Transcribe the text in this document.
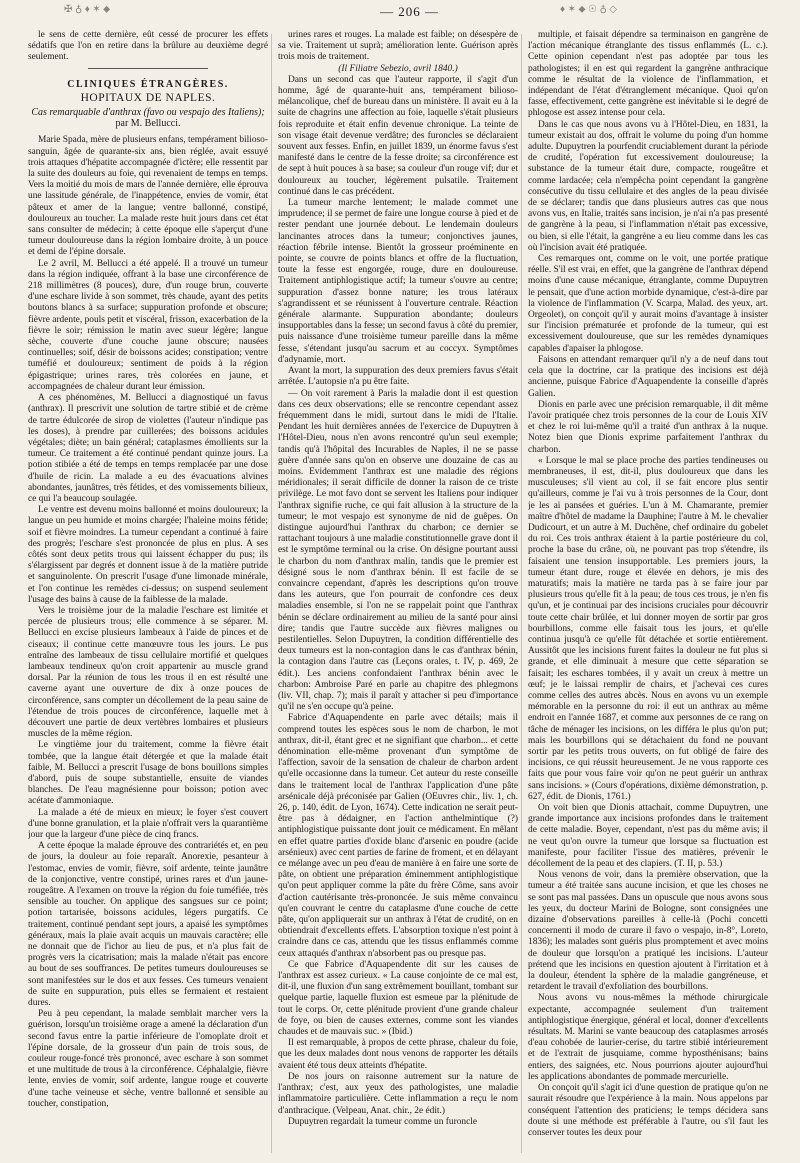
✠ ♁ ♦ ✶ ⬥	— 206 —	♦ ✶ ⬥ ☉ ♁ ◇

le sens de cette dernière, eût cessé de procurer les effets sédatifs que l'on en retire dans la brûlure au deuxième degré seulement.

CLINIQUES ÉTRANGÈRES.
HOPITAUX DE NAPLES.
Cas remarquable d'anthrax (favo ou vespajo des Italiens);
par M. Bellucci.

Marie Spada, mère de plusieurs enfans, tempérament bilioso-sanguin, âgée de quarante-six ans, bien réglée, avait essuyé trois attaques d'hépatite accompagnée d'ictère; elle ressentit par la suite des douleurs au foie, qui revenaient de temps en temps. Vers la moitié du mois de mars de l'année dernière, elle éprouva une lassitude générale, de l'inappétence, envies de vomir, état pâteux et amer de la langue; ventre ballonné, constipé, douloureux au toucher. La malade reste huit jours dans cet état sans consulter de médecin; à cette époque elle s'aperçut d'une tumeur douloureuse dans la région lombaire droite, à un pouce et demi de l'épine dorsale.

Le 2 avril, M. Bellucci a été appelé. Il a trouvé un tumeur dans la région indiquée, offrant à la base une circonférence de 218 millimètres (8 pouces), dure, d'un rouge brun, couverte d'une eschare livide à son sommet, très chaude, ayant des petits boutons blancs à sa surface; suppuration profonde et obscure; fièvre ardente, pouls petit et viscéral, frisson, exacerbation de la fièvre le soir; rémission le matin avec sueur légère; langue sèche, couverte d'une couche jaune obscure; nausées continuelles; soif, désir de boissons acides; constipation; ventre tuméfié et douloureux; sentiment de poids à la région épigastrique; urines rares, très colorées en jaune, et accompagnées de chaleur durant leur émission.

A ces phénomènes, M. Bellucci a diagnostiqué un favus (anthrax). Il prescrivit une solution de tartre stibié et de crème de tartre édulcorée de sirop de violettes (l'auteur n'indique pas les doses), à prendre par cuillerées; des boissons acidules végétales; diète; un bain général; cataplasmes émollients sur la tumeur. Ce traitement a été continué pendant quinze jours. La potion stibiée a été de temps en temps remplacée par une dose d'huile de ricin. La malade a eu des évacuations alvines abondantes, jaunâtres, très fétides, et des vomissements bilieux, ce qui l'a beaucoup soulagée.

Le ventre est devenu moins ballonné et moins douloureux; la langue un peu humide et moins chargée; l'haleine moins fétide; soif et fièvre moindres. La tumeur cependant a continué à faire des progrès; l'eschare s'est prononcée de plus en plus. A ses côtés sont deux petits trous qui laissent échapper du pus; ils s'élargissent par degrés et donnent issue à de la matière putride et sanguinolente. On prescrit l'usage d'une limonade minérale, et l'on continue les remèdes ci-dessus; on suspend seulement l'usage des bains à cause de la faiblesse de la malade.

Vers le troisième jour de la maladie l'eschare est limitée et percée de plusieurs trous; elle commence à se séparer. M. Bellucci en excise plusieurs lambeaux à l'aide de pinces et de ciseaux; il continue cette manœuvre tous les jours. Le pus entraîne des lambeaux de tissu cellulaire mortifié et quelques lambeaux tendineux qu'on croit appartenir au muscle grand dorsal. Par la réunion de tous les trous il en est résulté une caverne ayant une ouverture de dix à onze pouces de circonférence, sans compter un décollement de la peau saine de l'étendue de trois pouces de circonférence, laquelle met à découvert une partie de deux vertèbres lombaires et plusieurs muscles de la même région.

Le vingtième jour du traitement, comme la fièvre était tombée, que la langue était détergée et que la malade était faible, M. Bellucci a prescrit l'usage de bons bouillons simples d'abord, puis de soupe substantielle, ensuite de viandes blanches. De l'eau magnésienne pour boisson; potion avec acétate d'ammoniaque.

La malade a été de mieux en mieux; le foyer s'est couvert d'une bonne granulation, et la plaie n'offrait vers la quarantième jour que la largeur d'une pièce de cinq francs.

A cette époque la malade éprouve des contrariétés et, en peu de jours, la douleur au foie reparaît. Anorexie, pesanteur à l'estomac, envies de vomir, fièvre, soif ardente, teinte jaunâtre de la conjonctive, ventre constipé, urines rares et d'un jaune-rougeâtre. A l'examen on trouve la région du foie tuméfiée, très sensible au toucher. On applique des sangsues sur ce point; potion tartarisée, boissons acidules, légers purgatifs. Ce traitement, continué pendant sept jours, a apaisé les symptômes généraux, mais la plaie avait acquis un mauvais caractère; elle ne donnait que de l'ichor au lieu de pus, et n'a plus fait de progrès vers la cicatrisation; mais la malade n'était pas encore au bout de ses souffrances. De petites tumeurs douloureuses se sont manifestées sur le dos et aux fesses. Ces tumeurs venaient de suite en suppuration, puis elles se fermaient et restaient dures.

Peu à peu cependant, la malade semblait marcher vers la guérison, lorsqu'un troisième orage a amené la déclaration d'un second favus entre la partie inférieure de l'omoplate droit et l'épine dorsale, de la grosseur d'un pain de trois sous, de couleur rouge-foncé très prononcé, avec eschare à son sommet et une multitude de trous à la circonférence. Céphalalgie, fièvre lente, envies de vomir, soif ardente, langue rouge et couverte d'une tache veineuse et sèche, ventre ballonné et sensible au toucher, constipation,

urines rares et rouges. La malade est faible; on désespère de sa vie. Traitement ut suprà; amélioration lente. Guérison après trois mois de traitement.

(Il Filiatre Sebezio, avril 1840.)

Dans un second cas que l'auteur rapporte, il s'agit d'un homme, âgé de quarante-huit ans, tempérament bilioso-mélancolique, chef de bureau dans un ministère. Il avait eu à la suite de chagrins une affection au foie, laquelle s'était plusieurs fois reproduite et était enfin devenue chronique. La teinte de son visage était devenue verdâtre; des furoncles se déclaraient souvent aux fesses. Enfin, en juillet 1839, un énorme favus s'est manifesté dans le centre de la fesse droite; sa circonférence est de sept à huit pouces à sa base; sa couleur d'un rouge vif; dur et douloureux au toucher, légèrement pulsatile. Traitement continué dans le cas précédent.

La tumeur marche lentement; le malade commet une imprudence; il se permet de faire une longue course à pied et de rester pendant une journée debout. Le lendemain douleurs lancinantes atroces dans la tumeur; conjonctives jaunes, réaction fébrile intense. Bientôt la grosseur proéminente en pointe, se couvre de points blancs et offre de la fluctuation, toute la fesse est engorgée, rouge, dure en douloureuse. Traitement antiphlogistique actif; la tumeur s'ouvre au centre; suppuration d'assez bonne nature; les trous latéraux s'agrandissent et se réunissent à l'ouverture centrale. Réaction générale alarmante. Suppuration abondante; douleurs insupportables dans la fesse; un second favus à côté du premier, puis naissance d'une troisième tumeur pareille dans la même fesse, s'étendant jusqu'au sacrum et au coccyx. Symptômes d'adynamie, mort.

Avant la mort, la suppuration des deux premiers favus s'était arrêtée. L'autopsie n'a pu être faite.

— On voit rarement à Paris la maladie dont il est question dans ces deux observations; elle se rencontre cependant assez fréquemment dans le midi, surtout dans le midi de l'Italie. Pendant les huit dernières années de l'exercice de Dupuytren à l'Hôtel-Dieu, nous n'en avons rencontré qu'un seul exemple; tandis qu'à l'hôpital des Incurables de Naples, il ne se passe guère d'année sans qu'on en observe une douzaine de cas au moins. Evidemment l'anthrax est une maladie des régions méridionales; il serait difficile de donner la raison de ce triste privilège. Le mot favo dont se servent les Italiens pour indiquer l'anthrax signifie ruche, ce qui fait allusion à la structure de la tumeur; le mot vespajo est synonyme de nid de guêpes. On distingue aujourd'hui l'anthrax du charbon; ce dernier se rattachant toujours à une maladie constitutionnelle grave dont il est le symptôme terminal ou la crise. On désigne pourtant aussi le charbon du nom d'anthrax malin, tandis que le premier est désigné sous le nom d'anthrax bénin. Il est facile de se convaincre cependant, d'après les descriptions qu'on trouve dans les auteurs, que l'on pourrait de confondre ces deux maladies ensemble, si l'on ne se rappelait point que l'anthrax bénin se déclare ordinairement au milieu de la santé pour ainsi dire; tandis que l'autre succède aux fièvres malignes ou pestilentielles. Selon Dupuytren, la condition différentielle des deux tumeurs est la non-contagion dans le cas d'anthrax bénin, la contagion dans l'autre cas (Leçons orales, t. IV, p. 469, 2e édit.). Les anciens confondaient l'anthrax bénin avec le charbon: Ambroise Paré en parle au chapitre des phlegmons (liv. VII, chap. 7); mais il paraît y attacher si peu d'importance qu'il ne s'en occupe qu'à peine.

Fabrice d'Aquapendente en parle avec détails; mais il comprend toutes les espèces sous le nom de charbon, le mot anthrax, dit-il, étant grec et ne signifiant que charbon... et cette dénomination elle-même provenant d'un symptôme de l'affection, savoir de la sensation de chaleur de charbon ardent qu'elle occasionne dans la tumeur. Cet auteur du reste conseille dans le traitement local de l'anthrax l'application d'une pâte arsénicale déjà préconisée par Galien (OEuvres chir., liv. 1, ch. 26, p. 140, édit. de Lyon, 1674). Cette indication ne serait peut-être pas à dédaigner, en l'action anthelmintique (?) antiphlogistique puissante dont jouit ce médicament. En mêlant en effet quatre parties d'oxide blanc d'arsenic en poudre (acide arsénieux) avec cent parties de farine de froment, et en délayant ce mélange avec un peu d'eau de manière à en faire une sorte de pâte, on obtient une préparation éminemment antiphlogistique qu'on peut appliquer comme la pâte du frère Côme, sans avoir d'action cautérisante très-prononcée. Je suis même convaincu qu'en couvrant le centre du cataplasme d'une couche de cette pâte, qu'on appliquerait sur un anthrax à l'état de crudité, on en obtiendrait d'excellents effets. L'absorption toxique n'est point à craindre dans ce cas, attendu que les tissus enflammés comme ceux attaqués d'anthrax n'absorbent pas ou presque pas.

Ce que Fabrice d'Aquapendente dit sur les causes de l'anthrax est assez curieux. « La cause conjointe de ce mal est, dit-il, une fluxion d'un sang extrêmement bouillant, tombant sur quelque partie, laquelle fluxion est esmeue par la plénitude de tout le corps. Or, cette plénitude provient d'une grande chaleur de foye, ou bien de causes externes, comme sont les viandes chaudes et de mauvais suc. » (Ibid.)

Il est remarquable, à propos de cette phrase, chaleur du foie, que les deux malades dont nous venons de rapporter les détails avaient été tous deux atteints d'hépatite.

De nos jours on raisonne autrement sur la nature de l'anthrax; c'est, aux yeux des pathologistes, une maladie inflammatoire particulière. Cette inflammation a reçu le nom d'anthracique. (Velpeau, Anat. chir., 2e édit.)

Dupuytren regardait la tumeur comme un furoncle

multiple, et faisait dépendre sa terminaison en gangrène de l'action mécanique étranglante des tissus enflammés (L. c.). Cette opinion cependant n'est pas adoptée par tous les pathologistes; il en est qui regardent la gangrène anthracique comme le résultat de la violence de l'inflammation, et indépendant de l'état d'étranglement mécanique. Quoi qu'on fasse, effectivement, cette gangrène est inévitable si le degré de phlogose est assez intense pour cela.

Dans le cas que nous avons vu à l'Hôtel-Dieu, en 1831, la tumeur existait au dos, offrait le volume du poing d'un homme adulte. Dupuytren la pourfendit cruciablement durant la période de crudité, l'opération fut excessivement douloureuse; la substance de la tumeur était dure, compacte, rougeâtre et comme lardacée; cela n'empêcha point cependant la gangrène consécutive du tissu cellulaire et des angles de la peau divisée de se déclarer; tandis que dans plusieurs autres cas que nous avons vus, en Italie, traités sans incision, je n'ai n'a pas presenté de gangrène à la peau, si l'inflammation n'était pas excessive, ou bien, si elle l'était, la gangrène a eu lieu comme dans les cas où l'incision avait été pratiquée.

Ces remarques ont, comme on le voit, une portée pratique réelle. S'il est vrai, en effet, que la gangrène de l'anthrax dépend moins d'une cause mécanique, étranglante, comme Dupuytren le pensait, que d'une action morbide dynamique, c'est-à-dire par la violence de l'inflammation (V. Scarpa, Malad. des yeux, art. Orgeolet), on conçoit qu'il y aurait moins d'avantage à insister sur l'incision prématurée et profonde de la tumeur, qui est excessivement douloureuse, que sur les remèdes dynamiques capables d'apaiser la phlogose.

Faisons en attendant remarquer qu'il n'y a de neuf dans tout cela que la doctrine, car la pratique des incisions est déjà ancienne, puisque Fabrice d'Aquapendente la conseille d'après Galien.

Dionis en parle avec une précision remarquable, il dit même l'avoir pratiquée chez trois personnes de la cour de Louis XIV et chez le roi lui-même qu'il a traité d'un anthrax à la nuque. Notez bien que Dionis exprime parfaitement l'anthrax du charbon.

« Lorsque le mal se place proche des parties tendineuses ou membraneuses, il est, dit-il, plus douloureux que dans les musculeuses; s'il vient au col, il se fait encore plus sentir qu'ailleurs, comme je l'ai vu à trois personnes de la Cour, dont je les ai pansées et guéries. L'un à M. Chamarante, premier maître d'hôtel de madame la Dauphine; l'autre à M. le chevalier Dudicourt, et un autre à M. Duchêne, chef ordinaire du gobelet du roi. Ces trois anthrax étaient à la partie postérieure du col, proche la base du crâne, où, ne pouvant pas trop s'étendre, ils faisaient une tension insupportable. Les premiers jours, la tumeur étant dure, rouge et élevée en dehors, je mis des maturatifs; mais la matière ne tarda pas à se faire jour par plusieurs trous qu'elle fit à la peau; de tous ces trous, je n'en fis qu'un, et je continuai par des incisions cruciales pour découvrir toute cette chair brûlée, et lui donner moyen de sortir par gros bourbillons, comme elle faisait tous les jours, et qu'elle continua jusqu'à ce qu'elle fût détachée et sortie entièrement. Aussitôt que les incisions furent faites la douleur ne fut plus si grande, et elle diminuait à mesure que cette séparation se faisait; les eschares tombées, il y avait un creux à mettre un œuf; je le laissai remplir de chairs, et j'achevai ces cures comme celles des autres abcès. Nous en avons vu un exemple mémorable en la personne du roi: il eut un anthrax au même endroit en l'année 1687, et comme aux personnes de ce rang on tâche de ménager les incisions, on les différa le plus qu'on put; mais les bourbillons qui se détachaient du fond ne pouvant sortir par les petits trous ouverts, on fut obligé de faire des incisions, ce qui réussit heureusement. Je ne vous rapporte ces faits que pour vous faire voir qu'on ne peut guérir un anthrax sans incisions. » (Cours d'opérations, dixième démonstration, p. 627, édit. de Dionis, 1761.)

On voit bien que Dionis attachait, comme Dupuytren, une grande importance aux incisions profondes dans le traitement de cette maladie. Boyer, cependant, n'est pas du même avis; il ne veut qu'on ouvre la tumeur que lorsque sa fluctuation est manifeste, pour faciliter l'issue des matières, prévenir le décollement de la peau et des clapiers. (T. II, p. 53.)

Nous venons de voir, dans la première observation, que la tumeur a été traitée sans aucune incision, et que les choses ne se sont pas mal passées. Dans un opuscule que nous avons sous les yeux, du docteur Marini de Bologne, sont consignées une dizaine d'observations pareilles à celle-là (Pochi concetti concernenti il modo de curare il favo o vespajo, in-8°, Loreto, 1836); les malades sont guéris plus promptement et avec moins de douleur que lorsqu'on a pratiqué les incisions. L'auteur prétend que les incisions en question ajoutent à l'irritation et à la douleur, étendent la sphère de la maladie gangréneuse, et retardent le travail d'exfoliation des bourbillons.

Nous avons vu nous-mêmes la méthode chirurgicale expectante, accompagnée seulement d'un traitement antiphlogistique énergique, général et local, donner d'excellents résultats. M. Marini se vante beaucoup des cataplasmes arrosés d'eau cohobée de laurier-cerise, du tartre stibié intérieurement et de l'extrait de jusquiame, comme hyposthénisans; bains entiers, des saignées, etc. Nous pourrions ajouter aujourd'hui les applications abondantes de pommade mercurielle.

On conçoit qu'il s'agit ici d'une question de pratique qu'on ne saurait résoudre que l'expérience à la main. Nous appelons par conséquent l'attention des praticiens; le temps décidera sans doute si une méthode est préférable à l'autre, ou s'il faut les conserver toutes les deux pour
